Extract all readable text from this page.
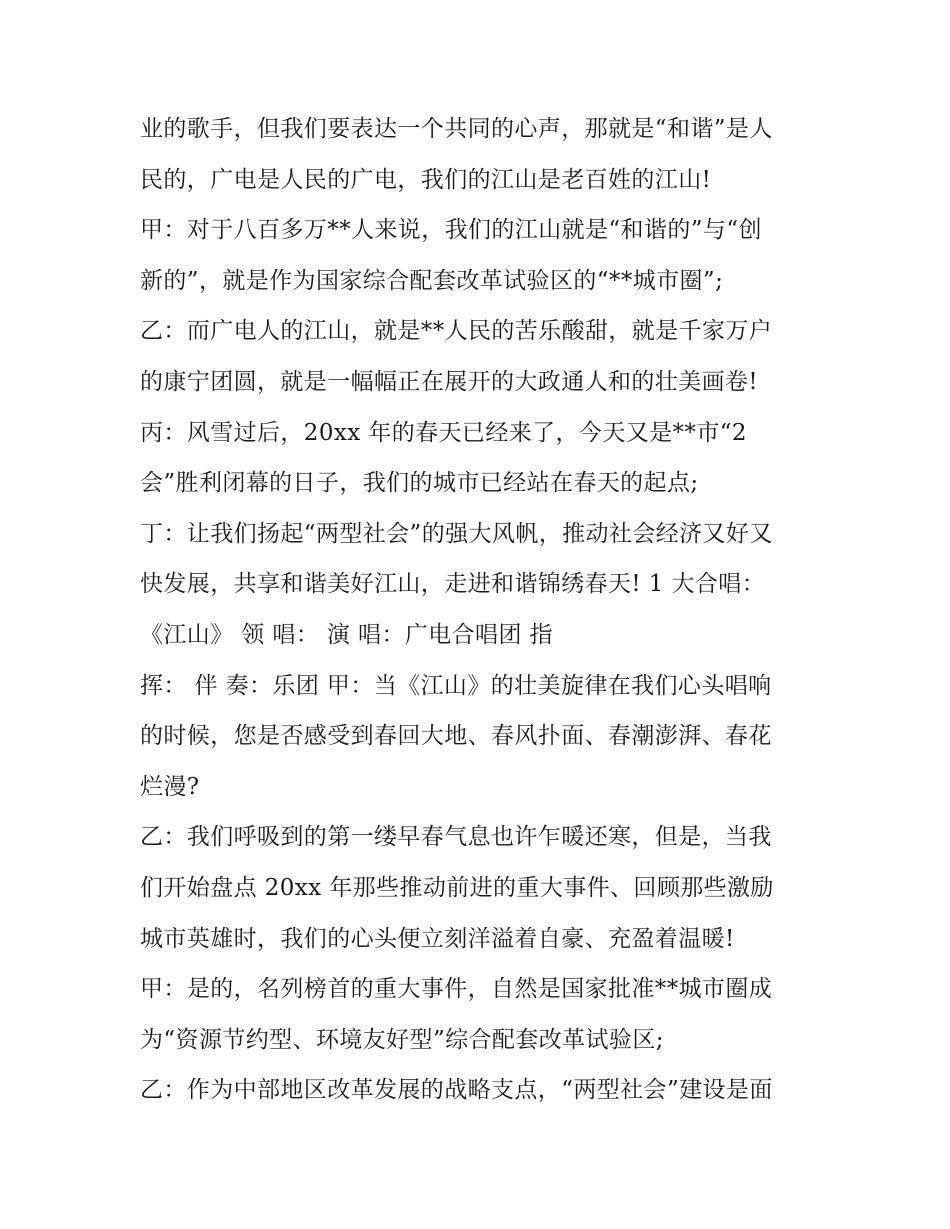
业的歌手，但我们要表达一个共同的心声，那就是“和谐”是人
民的，广电是人民的广电，我们的江山是老百姓的江山!
甲：对于八百多万**人来说，我们的江山就是“和谐的”与“创
新的”，就是作为国家综合配套改革试验区的“**城市圈”;
乙：而广电人的江山，就是**人民的苦乐酸甜，就是千家万户
的康宁团圆，就是一幅幅正在展开的大政通人和的壮美画卷!
丙：风雪过后，20xx 年的春天已经来了，今天又是**市“2
会”胜利闭幕的日子，我们的城市已经站在春天的起点;
丁：让我们扬起“两型社会”的强大风帆，推动社会经济又好又
快发展，共享和谐美好江山，走进和谐锦绣春天! 1 大合唱：
《江山》 领 唱： 演 唱：广电合唱团 指
挥： 伴 奏：乐团 甲：当《江山》的壮美旋律在我们心头唱响
的时候，您是否感受到春回大地、春风扑面、春潮澎湃、春花
烂漫?
乙：我们呼吸到的第一缕早春气息也许乍暖还寒，但是，当我
们开始盘点 20xx 年那些推动前进的重大事件、回顾那些激励
城市英雄时，我们的心头便立刻洋溢着自豪、充盈着温暖!
甲：是的，名列榜首的重大事件，自然是国家批准**城市圈成
为“资源节约型、环境友好型”综合配套改革试验区;
乙：作为中部地区改革发展的战略支点，“两型社会”建设是面
